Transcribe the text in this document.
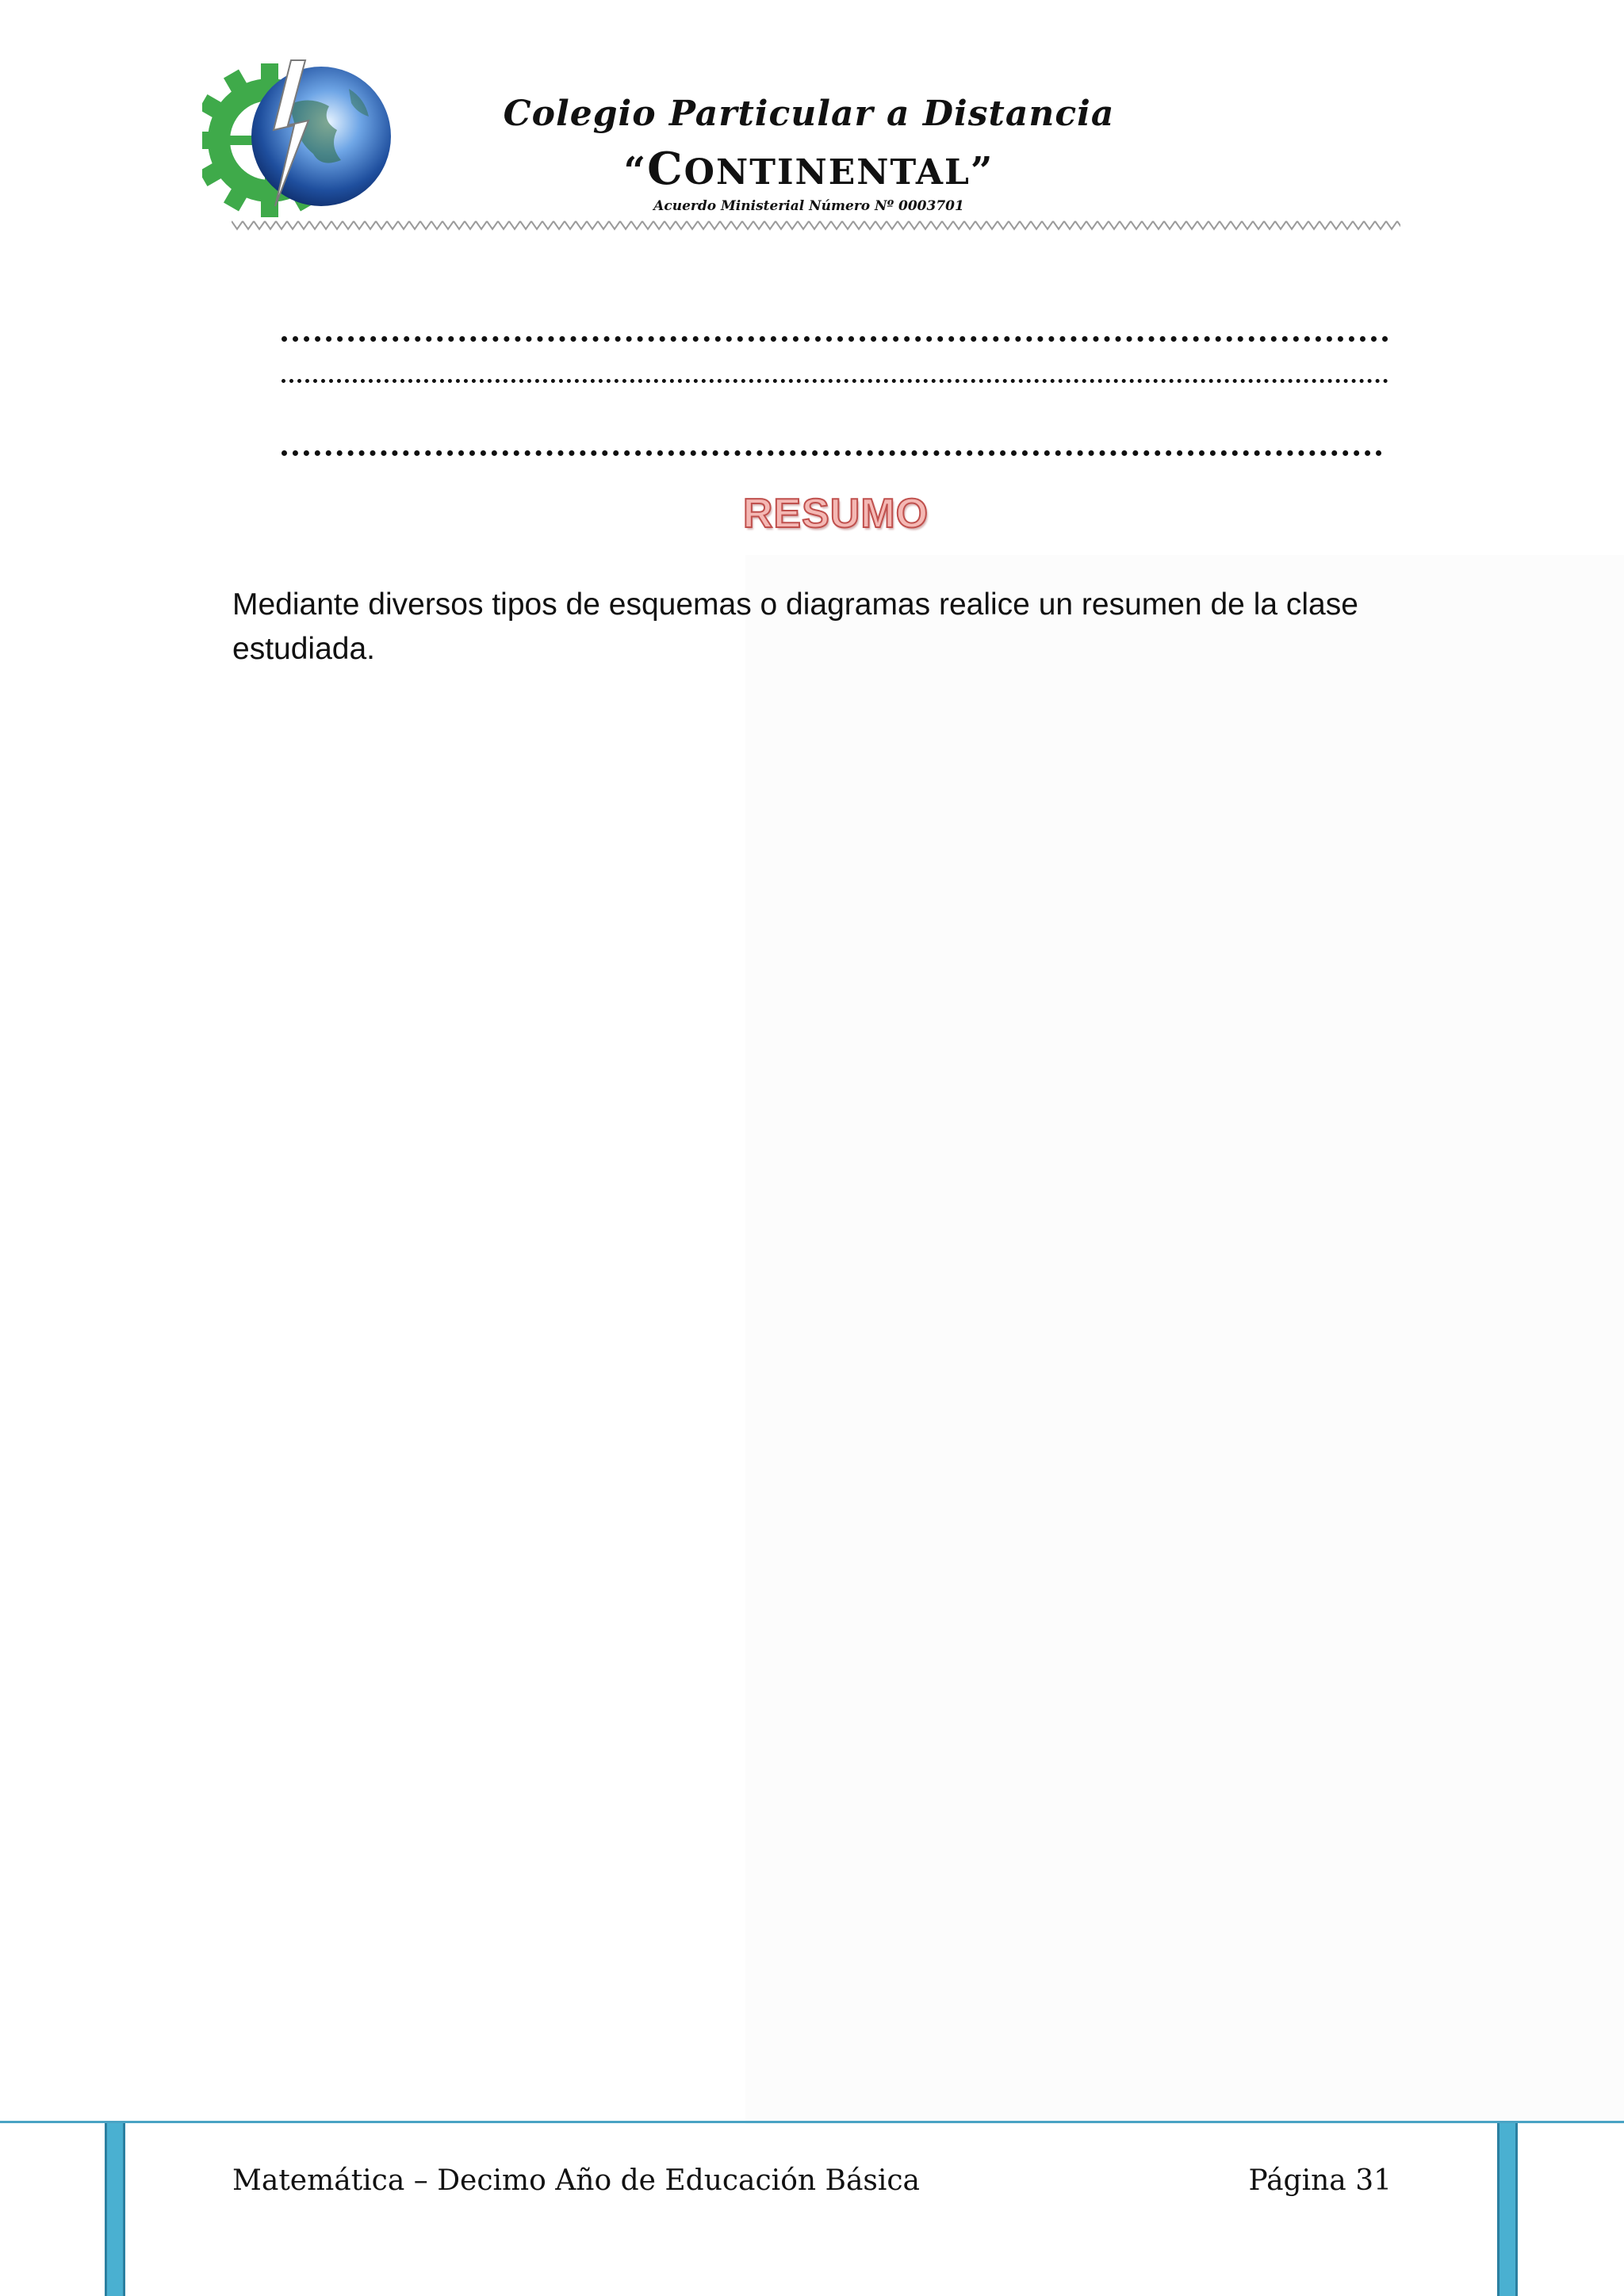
Colegio Particular a Distancia
“CONTINENTAL”
Acuerdo Ministerial Número Nº 0003701
RESUMO
Mediante diversos tipos de esquemas o diagramas realice un resumen de la clase estudiada.
Matemática – Decimo Año de Educación Básica	Página 31
